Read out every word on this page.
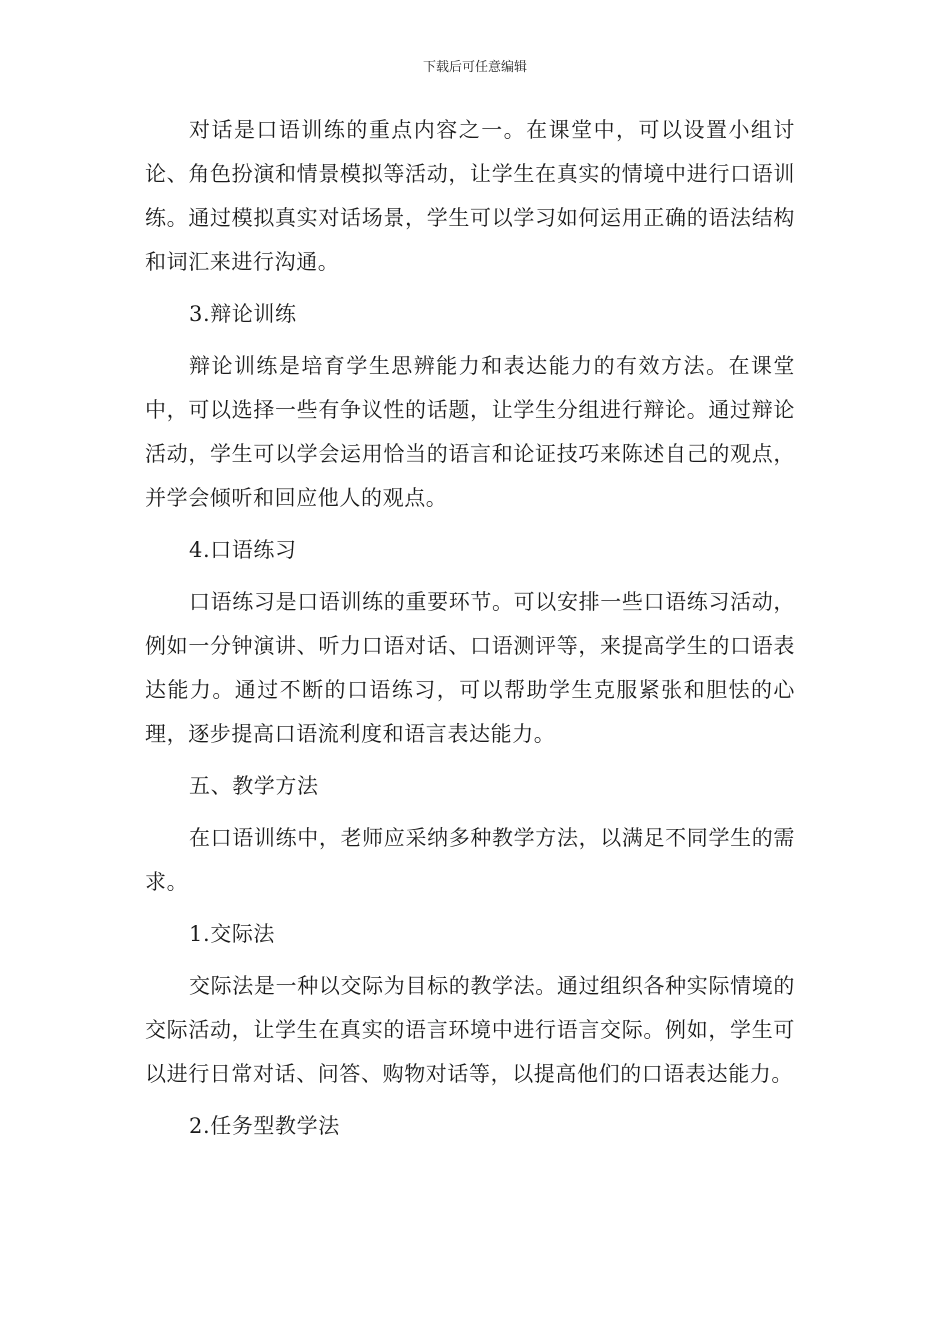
下载后可任意编辑

对话是口语训练的重点内容之一。在课堂中，可以设置小组讨论、角色扮演和情景模拟等活动，让学生在真实的情境中进行口语训练。通过模拟真实对话场景，学生可以学习如何运用正确的语法结构和词汇来进行沟通。

3.辩论训练

辩论训练是培育学生思辨能力和表达能力的有效方法。在课堂中，可以选择一些有争议性的话题，让学生分组进行辩论。通过辩论活动，学生可以学会运用恰当的语言和论证技巧来陈述自己的观点，并学会倾听和回应他人的观点。

4.口语练习

口语练习是口语训练的重要环节。可以安排一些口语练习活动，例如一分钟演讲、听力口语对话、口语测评等，来提高学生的口语表达能力。通过不断的口语练习，可以帮助学生克服紧张和胆怯的心理，逐步提高口语流利度和语言表达能力。

五、教学方法

在口语训练中，老师应采纳多种教学方法，以满足不同学生的需求。

1.交际法

交际法是一种以交际为目标的教学法。通过组织各种实际情境的交际活动，让学生在真实的语言环境中进行语言交际。例如，学生可以进行日常对话、问答、购物对话等，以提高他们的口语表达能力。

2.任务型教学法
